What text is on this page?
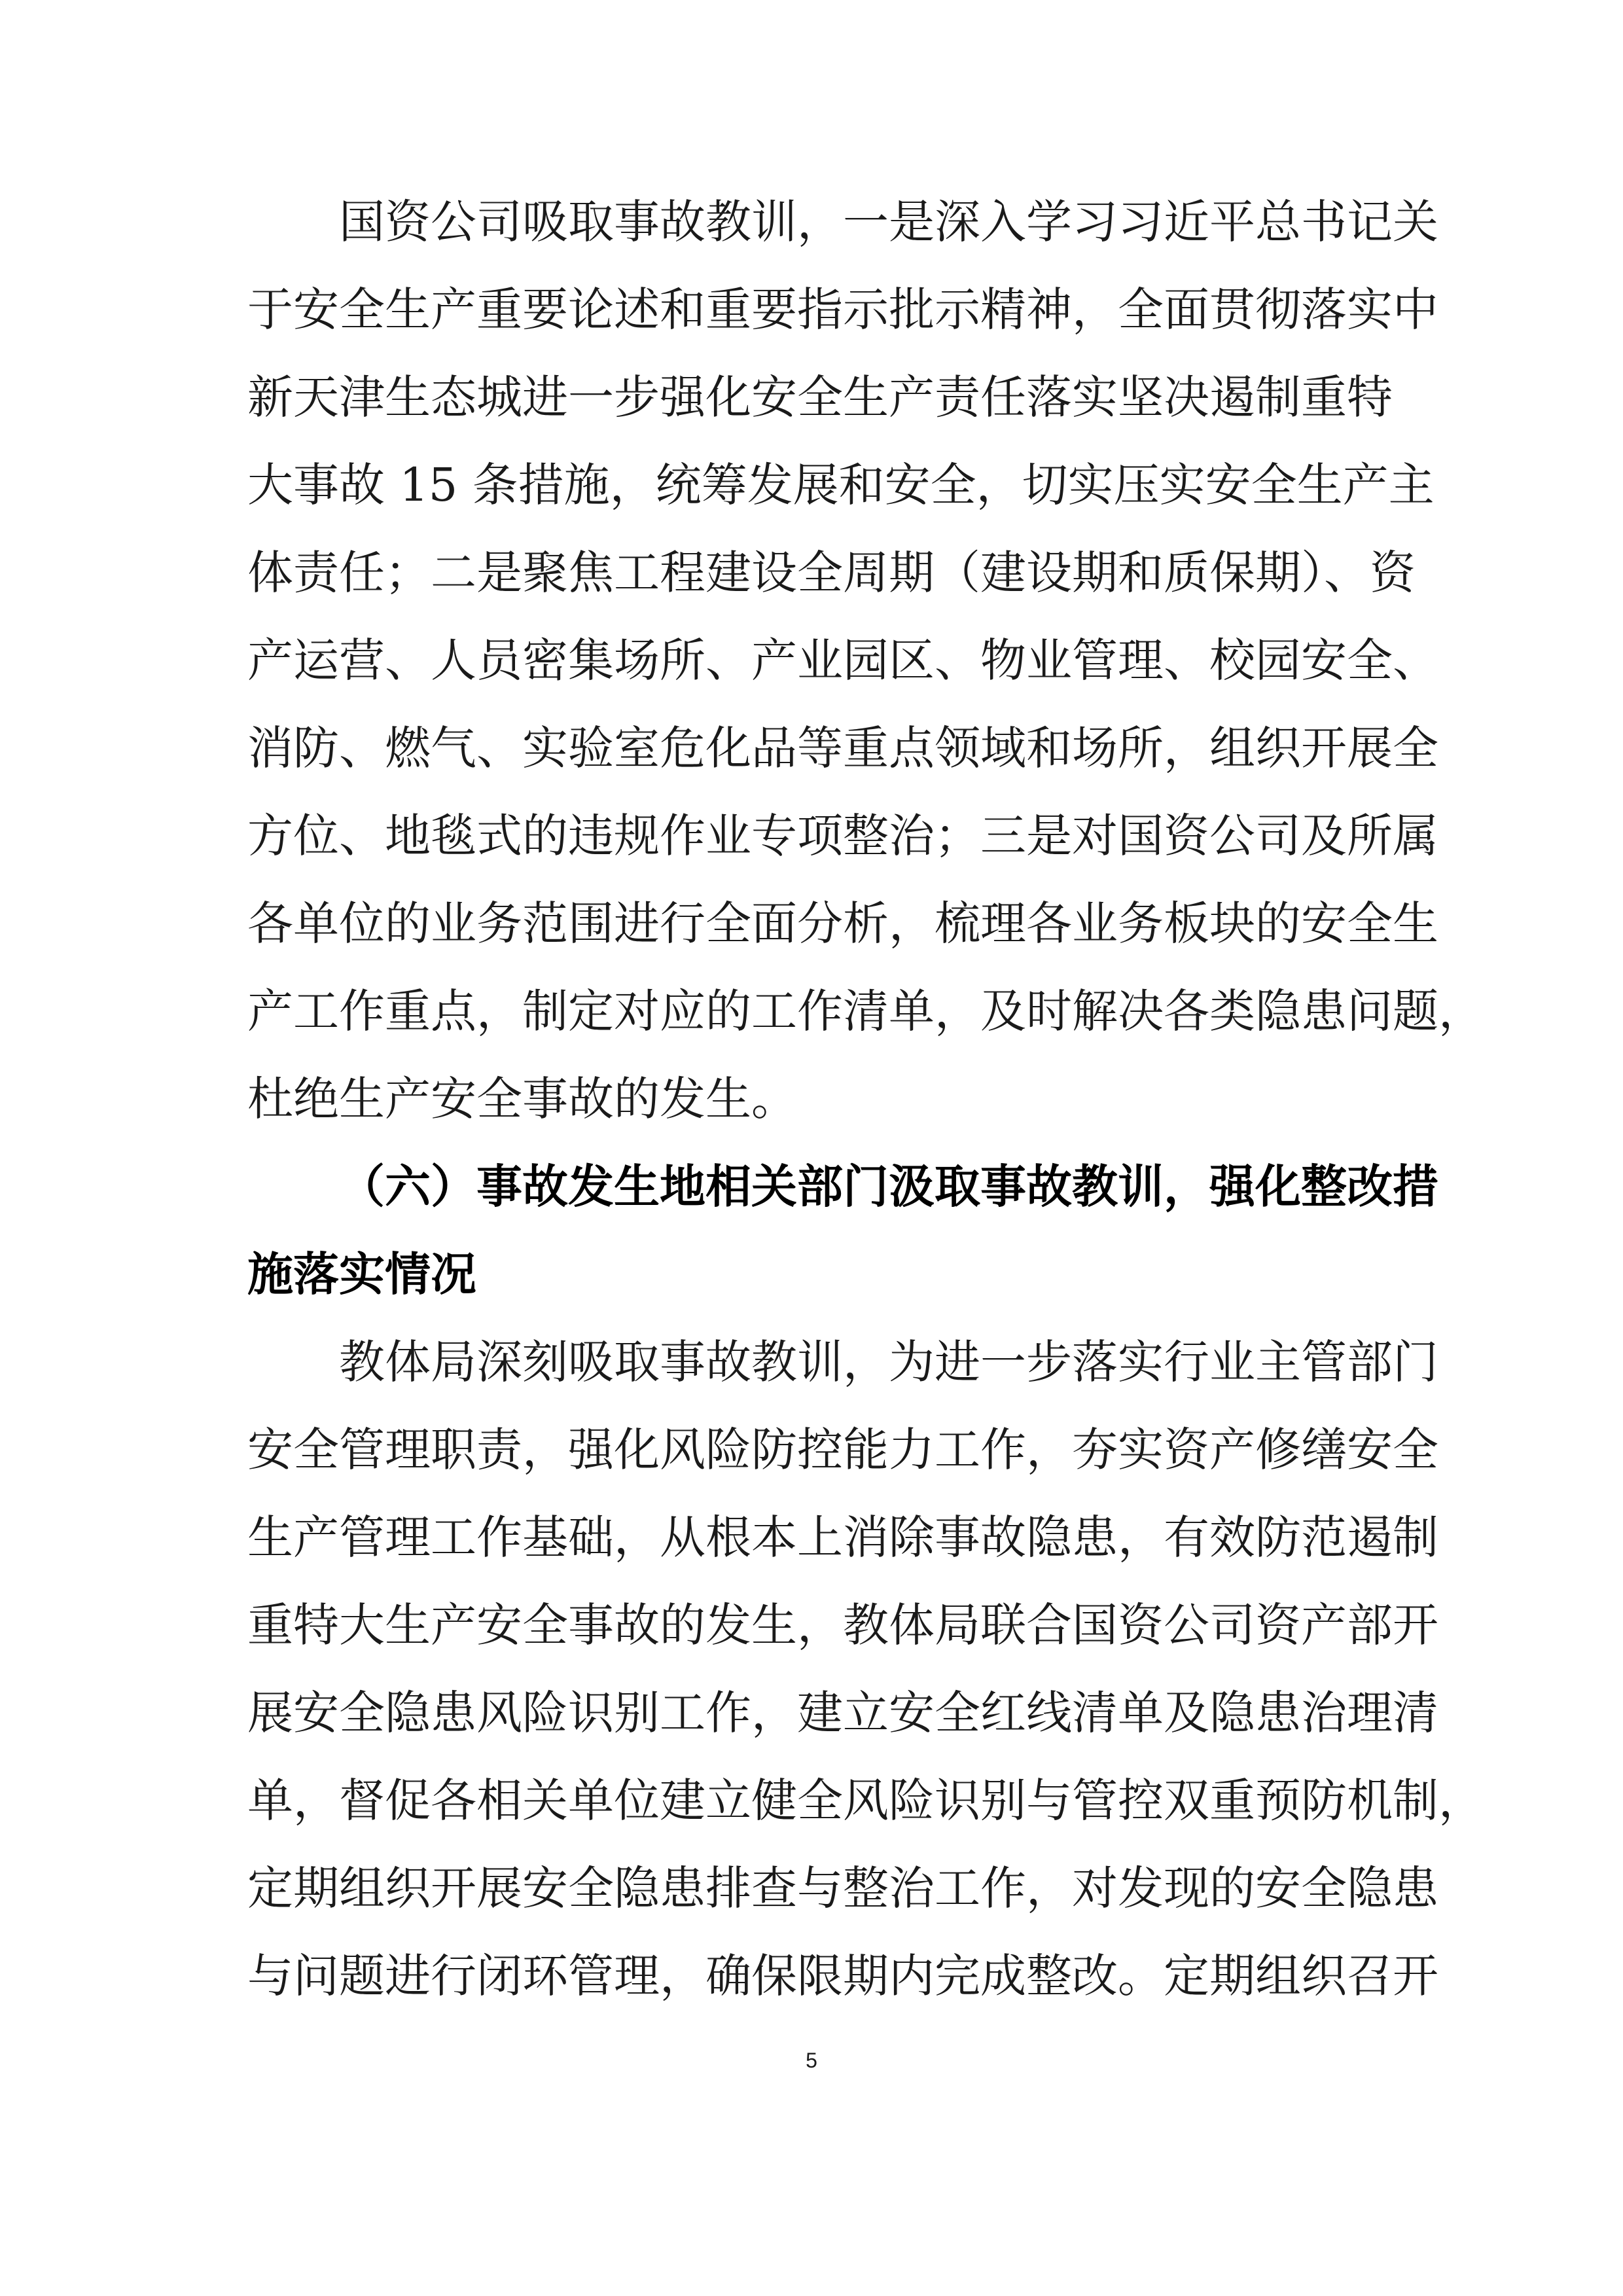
国资公司吸取事故教训，一是深入学习习近平总书记关
于安全生产重要论述和重要指示批示精神，全面贯彻落实中
新天津生态城进一步强化安全生产责任落实坚决遏制重特
大事故 15 条措施，统筹发展和安全，切实压实安全生产主
体责任；二是聚焦工程建设全周期（建设期和质保期）、资
产运营、人员密集场所、产业园区、物业管理、校园安全、
消防、燃气、实验室危化品等重点领域和场所，组织开展全
方位、地毯式的违规作业专项整治；三是对国资公司及所属
各单位的业务范围进行全面分析，梳理各业务板块的安全生
产工作重点，制定对应的工作清单，及时解决各类隐患问题，
杜绝生产安全事故的发生。
（六）事故发生地相关部门汲取事故教训，强化整改措
施落实情况
教体局深刻吸取事故教训，为进一步落实行业主管部门
安全管理职责，强化风险防控能力工作，夯实资产修缮安全
生产管理工作基础，从根本上消除事故隐患，有效防范遏制
重特大生产安全事故的发生，教体局联合国资公司资产部开
展安全隐患风险识别工作，建立安全红线清单及隐患治理清
单，督促各相关单位建立健全风险识别与管控双重预防机制，
定期组织开展安全隐患排查与整治工作，对发现的安全隐患
与问题进行闭环管理，确保限期内完成整改。定期组织召开
5
